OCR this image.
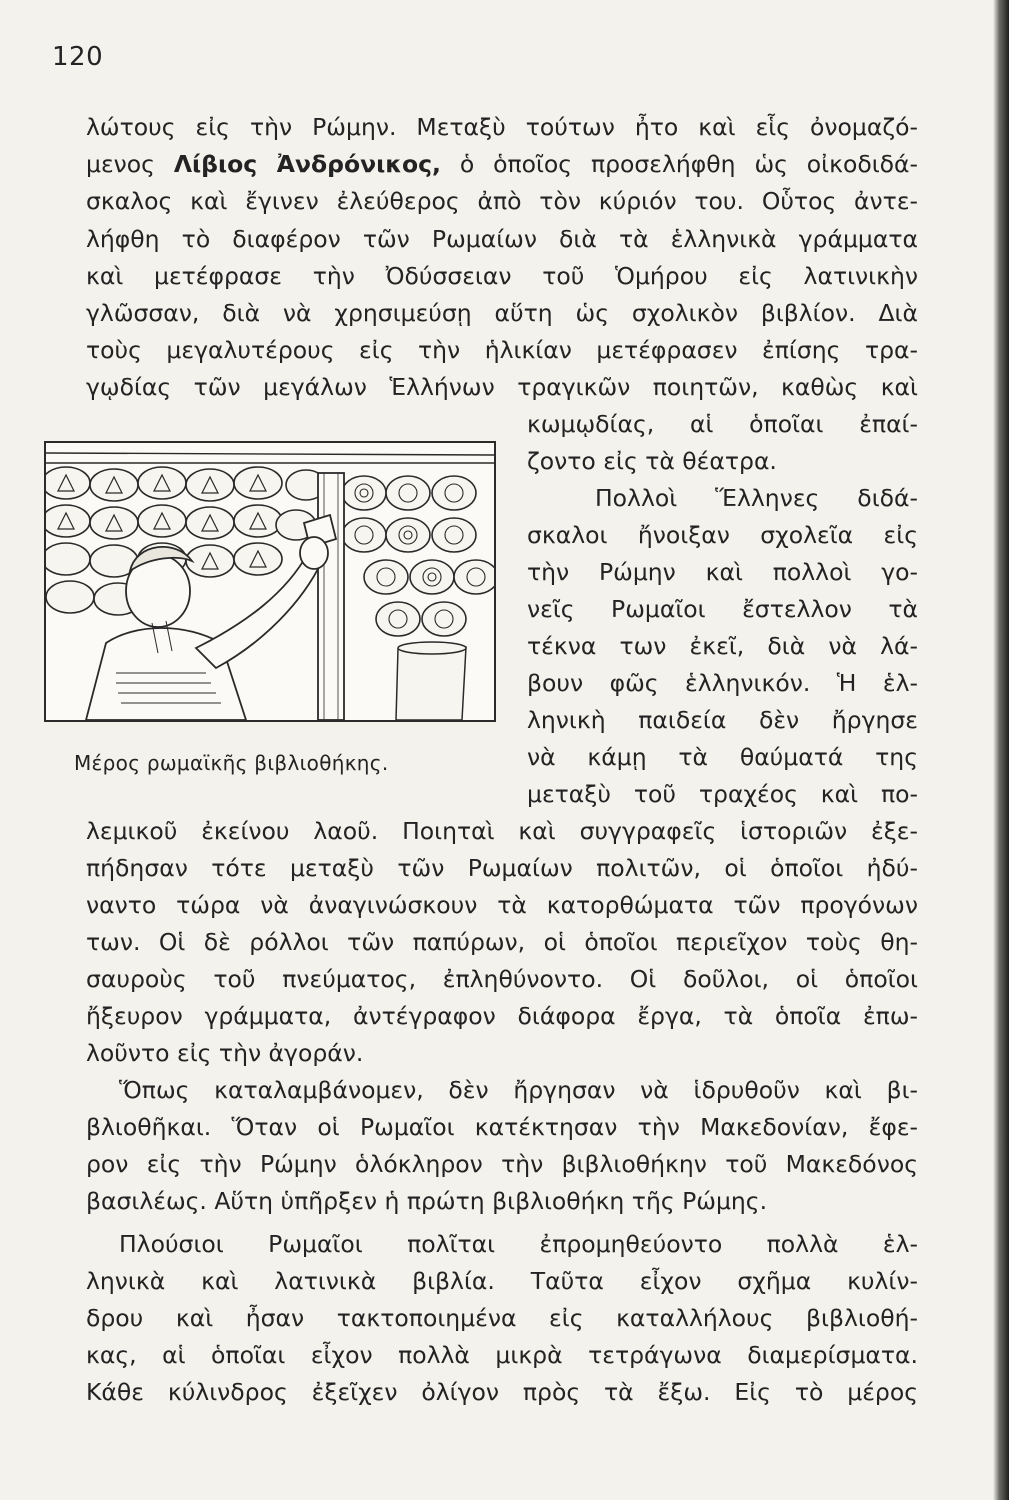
120
λώτους εἰς τὴν Ρώμην. Μεταξὺ τούτων ἦτο καὶ εἷς ὀνομαζό-
μενος Λίβιος Ἀνδρόνικος, ὁ ὁποῖος προσελήφθη ὡς οἰκοδιδά-
σκαλος καὶ ἔγινεν ἐλεύθερος ἀπὸ τὸν κύριόν του. Οὗτος ἀντε-
λήφθη τὸ διαφέρον τῶν Ρωμαίων διὰ τὰ ἑλληνικὰ γράμματα
καὶ μετέφρασε τὴν Ὀδύσσειαν τοῦ Ὁμήρου εἰς λατινικὴν
γλῶσσαν, διὰ νὰ χρησιμεύσῃ αὕτη ὡς σχολικὸν βιβλίον. Διὰ
τοὺς μεγαλυτέρους εἰς τὴν ἡλικίαν μετέφρασεν ἐπίσης τρα-
γῳδίας τῶν μεγάλων Ἑλλήνων τραγικῶν ποιητῶν, καθὼς καὶ
κωμῳδίας, αἱ ὁποῖαι ἐπαί-
ζοντο εἰς τὰ θέατρα.
Πολλοὶ Ἕλληνες διδά-
σκαλοι ἤνοιξαν σχολεῖα εἰς
τὴν Ρώμην καὶ πολλοὶ γο-
νεῖς Ρωμαῖοι ἔστελλον τὰ
τέκνα των ἐκεῖ, διὰ νὰ λά-
βουν φῶς ἑλληνικόν. Ἡ ἑλ-
ληνικὴ παιδεία δὲν ἤργησε
νὰ κάμῃ τὰ θαύματά της
μεταξὺ τοῦ τραχέος καὶ πο-
λεμικοῦ ἐκείνου λαοῦ. Ποιηταὶ καὶ συγγραφεῖς ἱστοριῶν ἐξε-
πήδησαν τότε μεταξὺ τῶν Ρωμαίων πολιτῶν, οἱ ὁποῖοι ἠδύ-
ναντο τώρα νὰ ἀναγινώσκουν τὰ κατορθώματα τῶν προγόνων
των. Οἱ δὲ ρόλλοι τῶν παπύρων, οἱ ὁποῖοι περιεῖχον τοὺς θη-
σαυροὺς τοῦ πνεύματος, ἐπληθύνοντο. Οἱ δοῦλοι, οἱ ὁποῖοι
ἤξευρον γράμματα, ἀντέγραφον διάφορα ἔργα, τὰ ὁποῖα ἐπω-
λοῦντο εἰς τὴν ἀγοράν.
Ὅπως καταλαμβάνομεν, δὲν ἤργησαν νὰ ἱδρυθοῦν καὶ βι-
βλιοθῆκαι. Ὅταν οἱ Ρωμαῖοι κατέκτησαν τὴν Μακεδονίαν, ἔφε-
ρον εἰς τὴν Ρώμην ὁλόκληρον τὴν βιβλιοθήκην τοῦ Μακεδόνος
βασιλέως. Αὕτη ὑπῆρξεν ἡ πρώτη βιβλιοθήκη τῆς Ρώμης.
Πλούσιοι Ρωμαῖοι πολῖται ἐπρομηθεύοντο πολλὰ ἑλ-
ληνικὰ καὶ λατινικὰ βιβλία. Ταῦτα εἶχον σχῆμα κυλίν-
δρου καὶ ἦσαν τακτοποιημένα εἰς καταλλήλους βιβλιοθή-
κας, αἱ ὁποῖαι εἶχον πολλὰ μικρὰ τετράγωνα διαμερίσματα.
Κάθε κύλινδρος ἐξεῖχεν ὀλίγον πρὸς τὰ ἔξω. Εἰς τὸ μέρος
Μέρος ρωμαϊκῆς βιβλιοθήκης.
